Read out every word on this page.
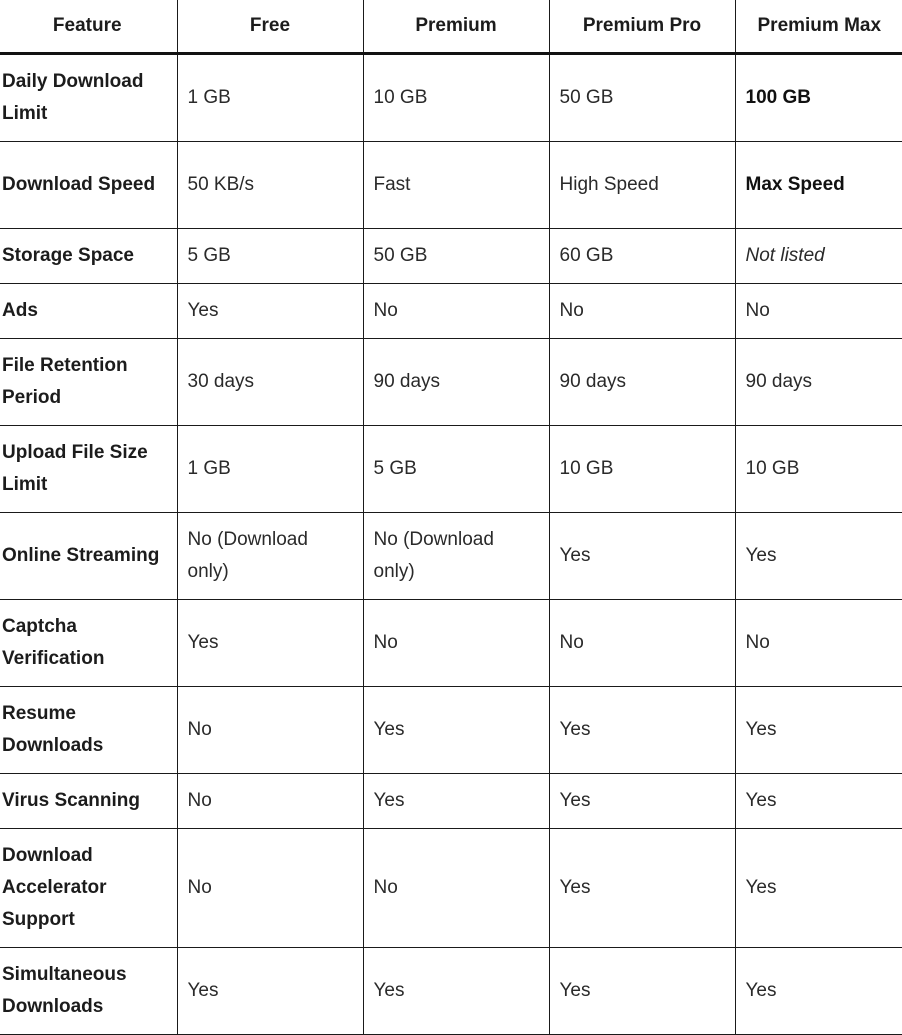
Feature	Free	Premium	Premium Pro	Premium Max
Daily Download Limit	1 GB	10 GB	50 GB	100 GB
Download Speed	50 KB/s	Fast	High Speed	Max Speed
Storage Space	5 GB	50 GB	60 GB	Not listed
Ads	Yes	No	No	No
File Retention Period	30 days	90 days	90 days	90 days
Upload File Size Limit	1 GB	5 GB	10 GB	10 GB
Online Streaming	No (Download only)	No (Download only)	Yes	Yes
Captcha Verification	Yes	No	No	No
Resume Downloads	No	Yes	Yes	Yes
Virus Scanning	No	Yes	Yes	Yes
Download Accelerator Support	No	No	Yes	Yes
Simultaneous Downloads	Yes	Yes	Yes	Yes
